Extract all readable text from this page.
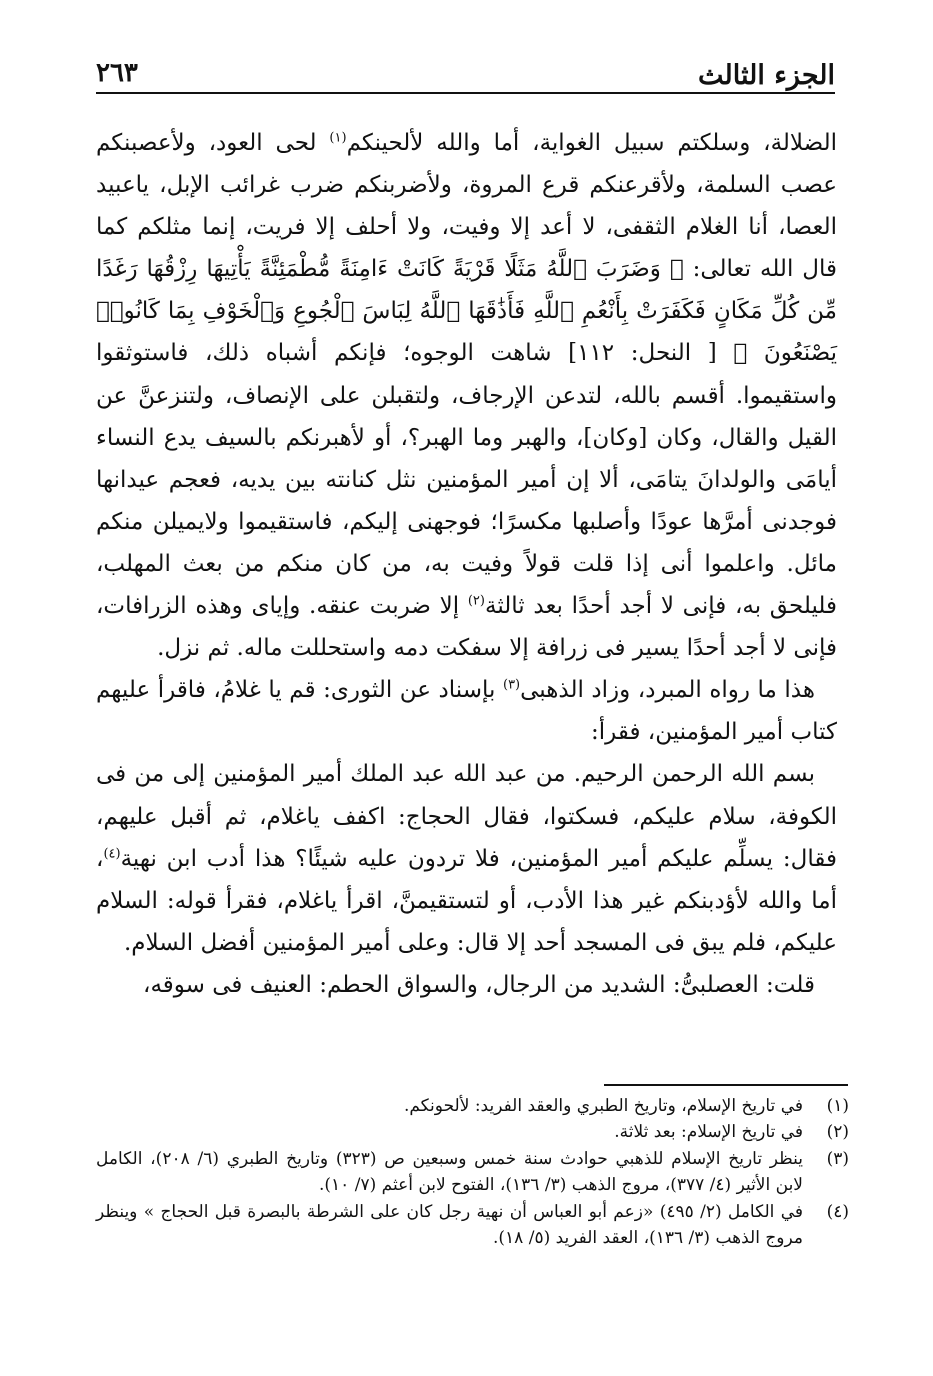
الجزء الثالث
٢٦٣

الضلالة، وسلكتم سبيل الغواية، أما والله لألحينكم$^{(١)}$ لحى العود، ولأعصبنكم عصب السلمة، ولأقرعنكم قرع المروة، ولأضربنكم ضرب غرائب الإبل، ياعبيد العصا، أنا الغلام الثقفى، لا أعد إلا وفيت، ولا أحلف إلا فريت، إنما مثلكم كما قال الله تعالى: ﴿ وَضَرَبَ ٱللَّهُ مَثَلًا قَرْيَةً كَانَتْ ءَامِنَةً مُّطْمَئِنَّةً يَأْتِيهَا رِزْقُهَا رَغَدًا مِّن كُلِّ مَكَانٍ فَكَفَرَتْ بِأَنْعُمِ ٱللَّهِ فَأَذَٰقَهَا ٱللَّهُ لِبَاسَ ٱلْجُوعِ وَٱلْخَوْفِ بِمَا كَانُوا۟ يَصْنَعُونَ ﴾ [ النحل: ١١٢] شاهت الوجوه؛ فإنكم أشباه ذلك، فاستوثقوا واستقيموا. أقسم بالله، لتدعن الإرجاف، ولتقبلن على الإنصاف، ولتنزعنَّ عن القيل والقال، وكان [وكان]، والهبر وما الهبر؟، أو لأهبرنكم بالسيف يدع النساء أيامَى والولدانَ يتامَى، ألا إن أمير المؤمنين نثل كنانته بين يديه، فعجم عيدانها فوجدنى أمرَّها عودًا وأصلبها مكسرًا؛ فوجهنى إليكم، فاستقيموا ولايميلن منكم مائل. واعلموا أنى إذا قلت قولاً وفيت به، من كان منكم من بعث المهلب، فليلحق به، فإنى لا أجد أحدًا بعد ثالثة$^{(٢)}$ إلا ضربت عنقه. وإياى وهذه الزرافات، فإنى لا أجد أحدًا يسير فى زرافة إلا سفكت دمه واستحللت ماله. ثم نزل.

هذا ما رواه المبرد، وزاد الذهبى$^{(٣)}$ بإسناد عن الثورى: قم يا غلامُ، فاقرأ عليهم كتاب أمير المؤمنين، فقرأ:

بسم الله الرحمن الرحيم. من عبد الله عبد الملك أمير المؤمنين إلى من فى الكوفة، سلام عليكم، فسكتوا، فقال الحجاج: اكفف ياغلام، ثم أقبل عليهم، فقال: يسلِّم عليكم أمير المؤمنين، فلا تردون عليه شيئًا؟ هذا أدب ابن نهية$^{(٤)}$، أما والله لأؤدبنكم غير هذا الأدب، أو لتستقيمنَّ، اقرأ ياغلام، فقرأ قوله: السلام عليكم، فلم يبق فى المسجد أحد إلا قال: وعلى أمير المؤمنين أفضل السلام.

قلت: العصلبىُّ: الشديد من الرجال، والسواق الحطم: العنيف فى سوقه،

(١)
في تاريخ الإسلام، وتاريخ الطبري والعقد الفريد: لألحونكم.
(٢)
في تاريخ الإسلام: بعد ثلاثة.
(٣)
ينظر تاريخ الإسلام للذهبي حوادث سنة خمس وسبعين ص (٣٢٣) وتاريخ الطبري (٦/ ٢٠٨)، الكامل لابن الأثير (٤/ ٣٧٧)، مروج الذهب (٣/ ١٣٦)، الفتوح لابن أعثم (٧/ ١٠).
(٤)
في الكامل (٢/ ٤٩٥) «زعم أبو العباس أن نهية رجل كان على الشرطة بالبصرة قبل الحجاج » وينظر مروج الذهب (٣/ ١٣٦)، العقد الفريد (٥/ ١٨).
